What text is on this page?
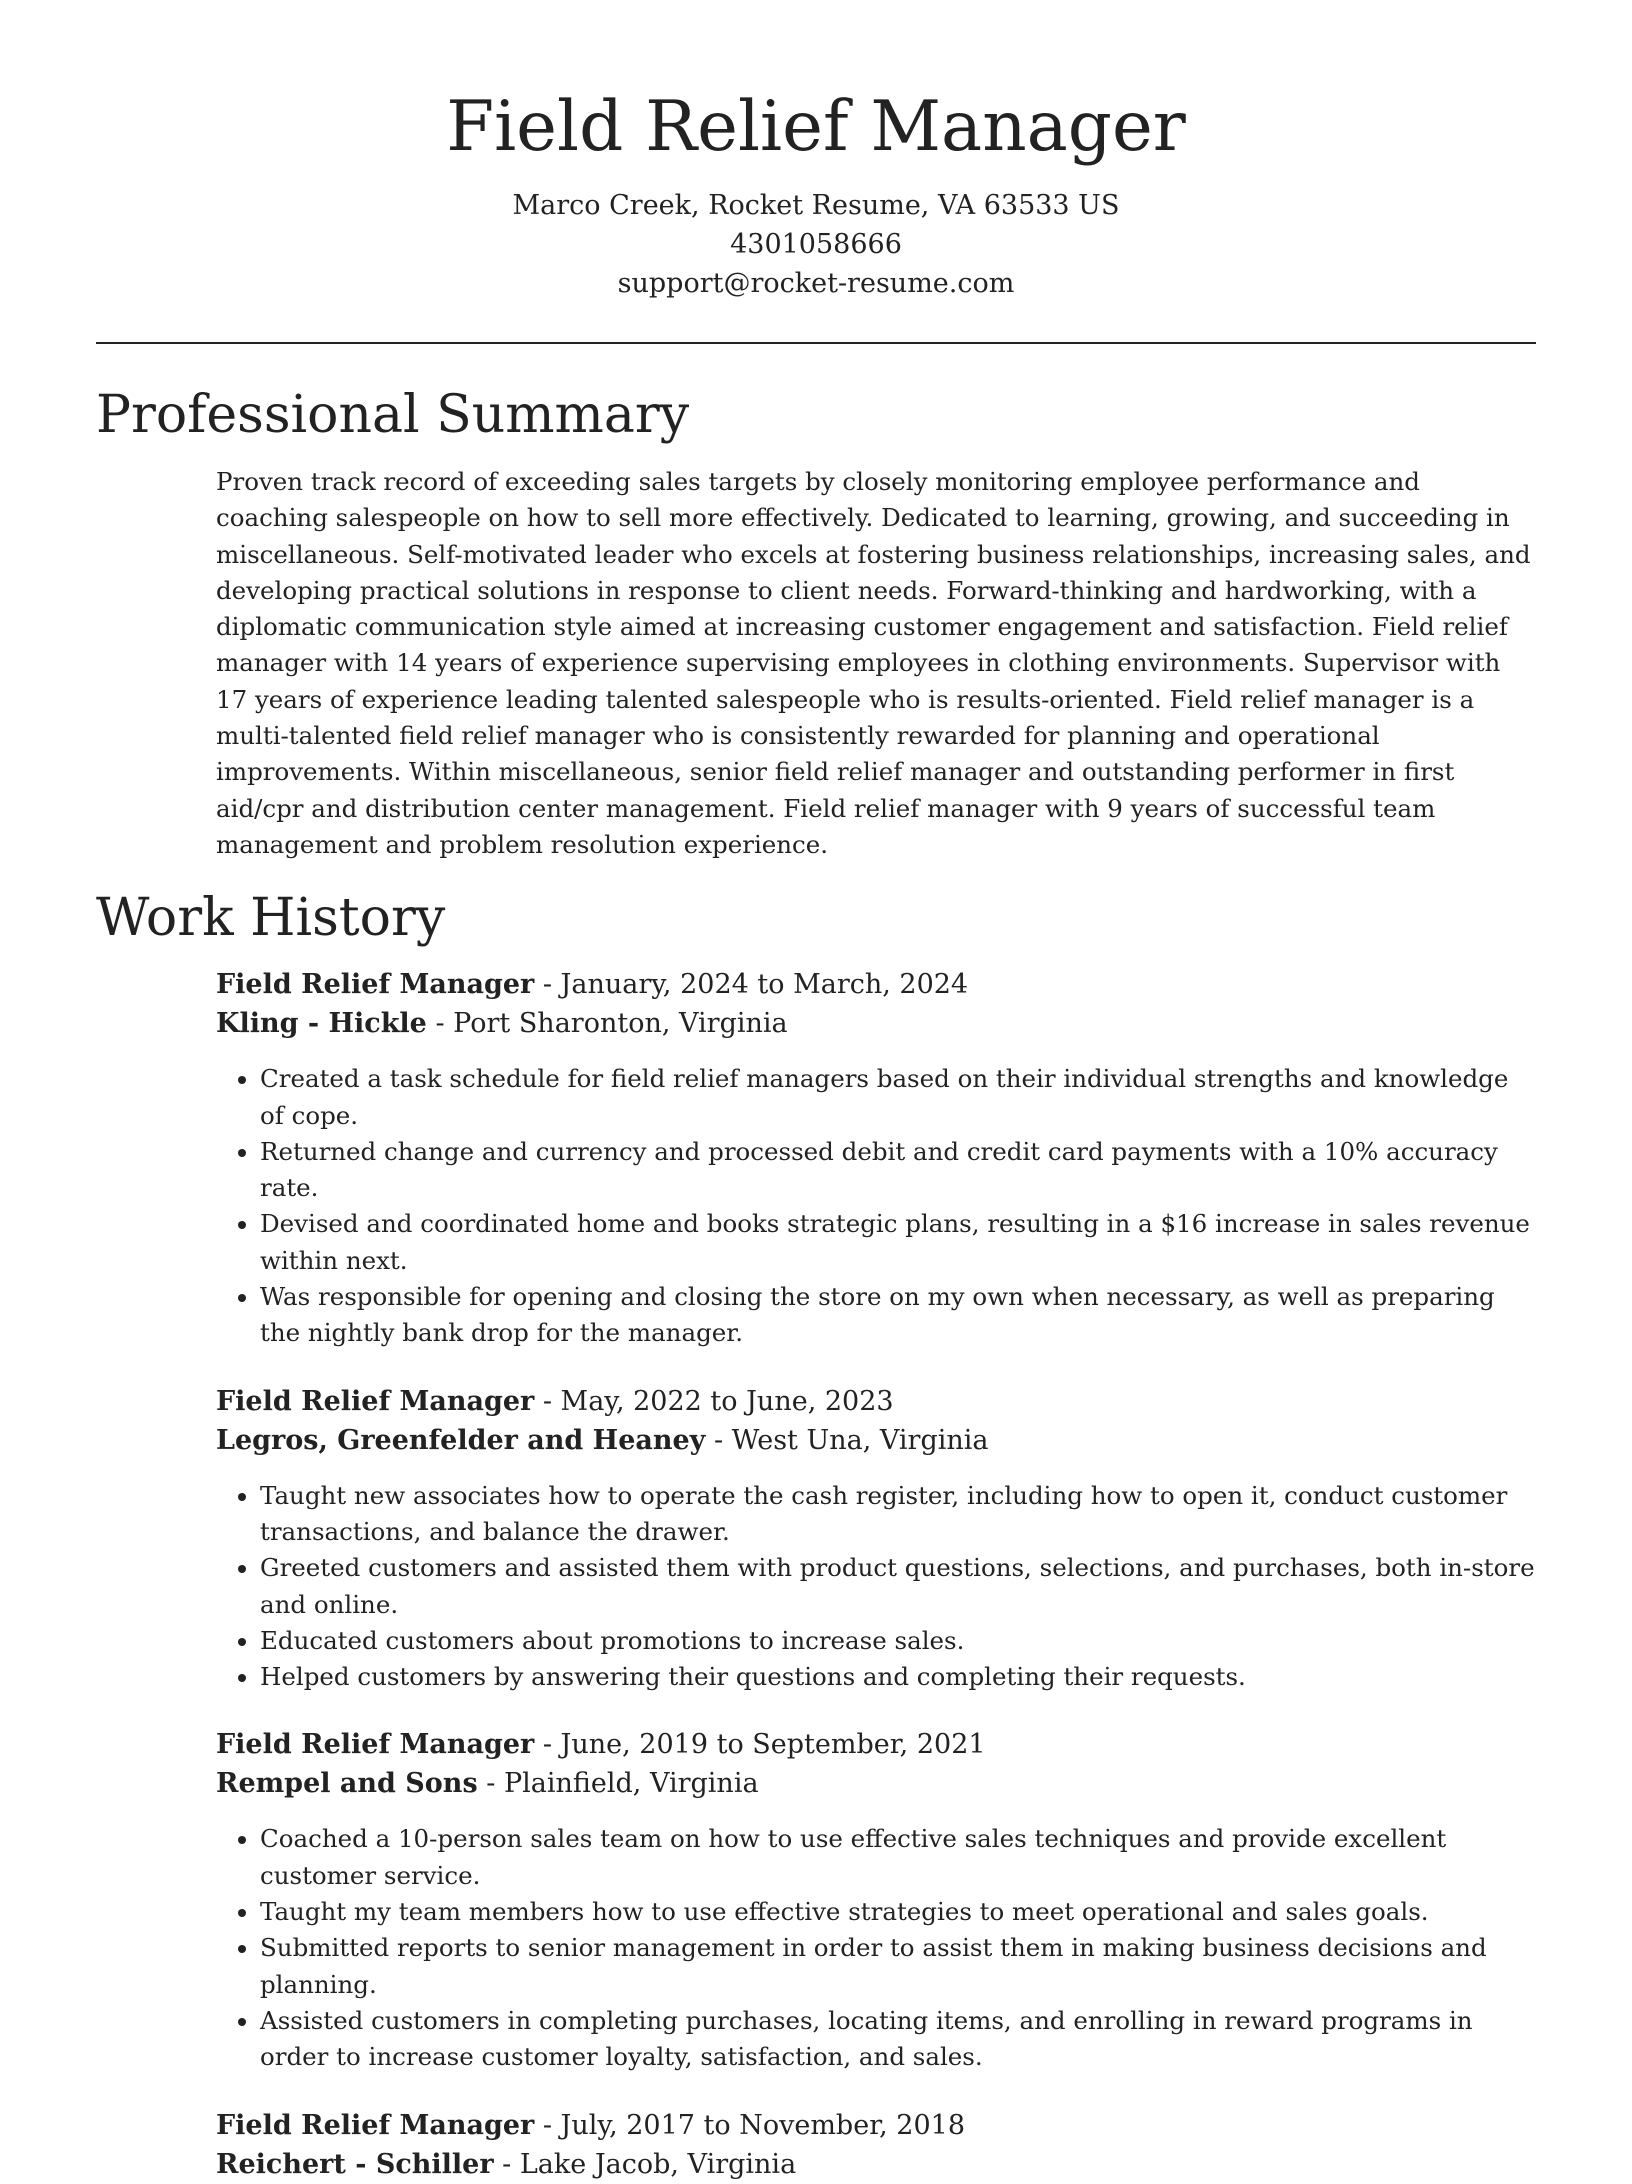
Field Relief Manager
Marco Creek, Rocket Resume, VA 63533 US
4301058666
support@rocket-resume.com
Professional Summary

Proven track record of exceeding sales targets by closely monitoring employee performance and coaching salespeople on how to sell more effectively. Dedicated to learning, growing, and succeeding in miscellaneous. Self-motivated leader who excels at fostering business relationships, increasing sales, and developing practical solutions in response to client needs. Forward-thinking and hardworking, with a diplomatic communication style aimed at increasing customer engagement and satisfaction. Field relief manager with 14 years of experience supervising employees in clothing environments. Supervisor with 17 years of experience leading talented salespeople who is results-oriented. Field relief manager is a multi-talented field relief manager who is consistently rewarded for planning and operational improvements. Within miscellaneous, senior field relief manager and outstanding performer in first aid/cpr and distribution center management. Field relief manager with 9 years of successful team management and problem resolution experience.

Work History
Field Relief Manager - January, 2024 to March, 2024
Kling - Hickle - Port Sharonton, Virginia
• Created a task schedule for field relief managers based on their individual strengths and knowledge of cope.
• Returned change and currency and processed debit and credit card payments with a 10% accuracy rate.
• Devised and coordinated home and books strategic plans, resulting in a $16 increase in sales revenue within next.
• Was responsible for opening and closing the store on my own when necessary, as well as preparing the nightly bank drop for the manager.
Field Relief Manager - May, 2022 to June, 2023
Legros, Greenfelder and Heaney - West Una, Virginia
• Taught new associates how to operate the cash register, including how to open it, conduct customer transactions, and balance the drawer.
• Greeted customers and assisted them with product questions, selections, and purchases, both in-store and online.
• Educated customers about promotions to increase sales.
• Helped customers by answering their questions and completing their requests.
Field Relief Manager - June, 2019 to September, 2021
Rempel and Sons - Plainfield, Virginia
• Coached a 10-person sales team on how to use effective sales techniques and provide excellent customer service.
• Taught my team members how to use effective strategies to meet operational and sales goals.
• Submitted reports to senior management in order to assist them in making business decisions and planning.
• Assisted customers in completing purchases, locating items, and enrolling in reward programs in order to increase customer loyalty, satisfaction, and sales.
Field Relief Manager - July, 2017 to November, 2018
Reichert - Schiller - Lake Jacob, Virginia
